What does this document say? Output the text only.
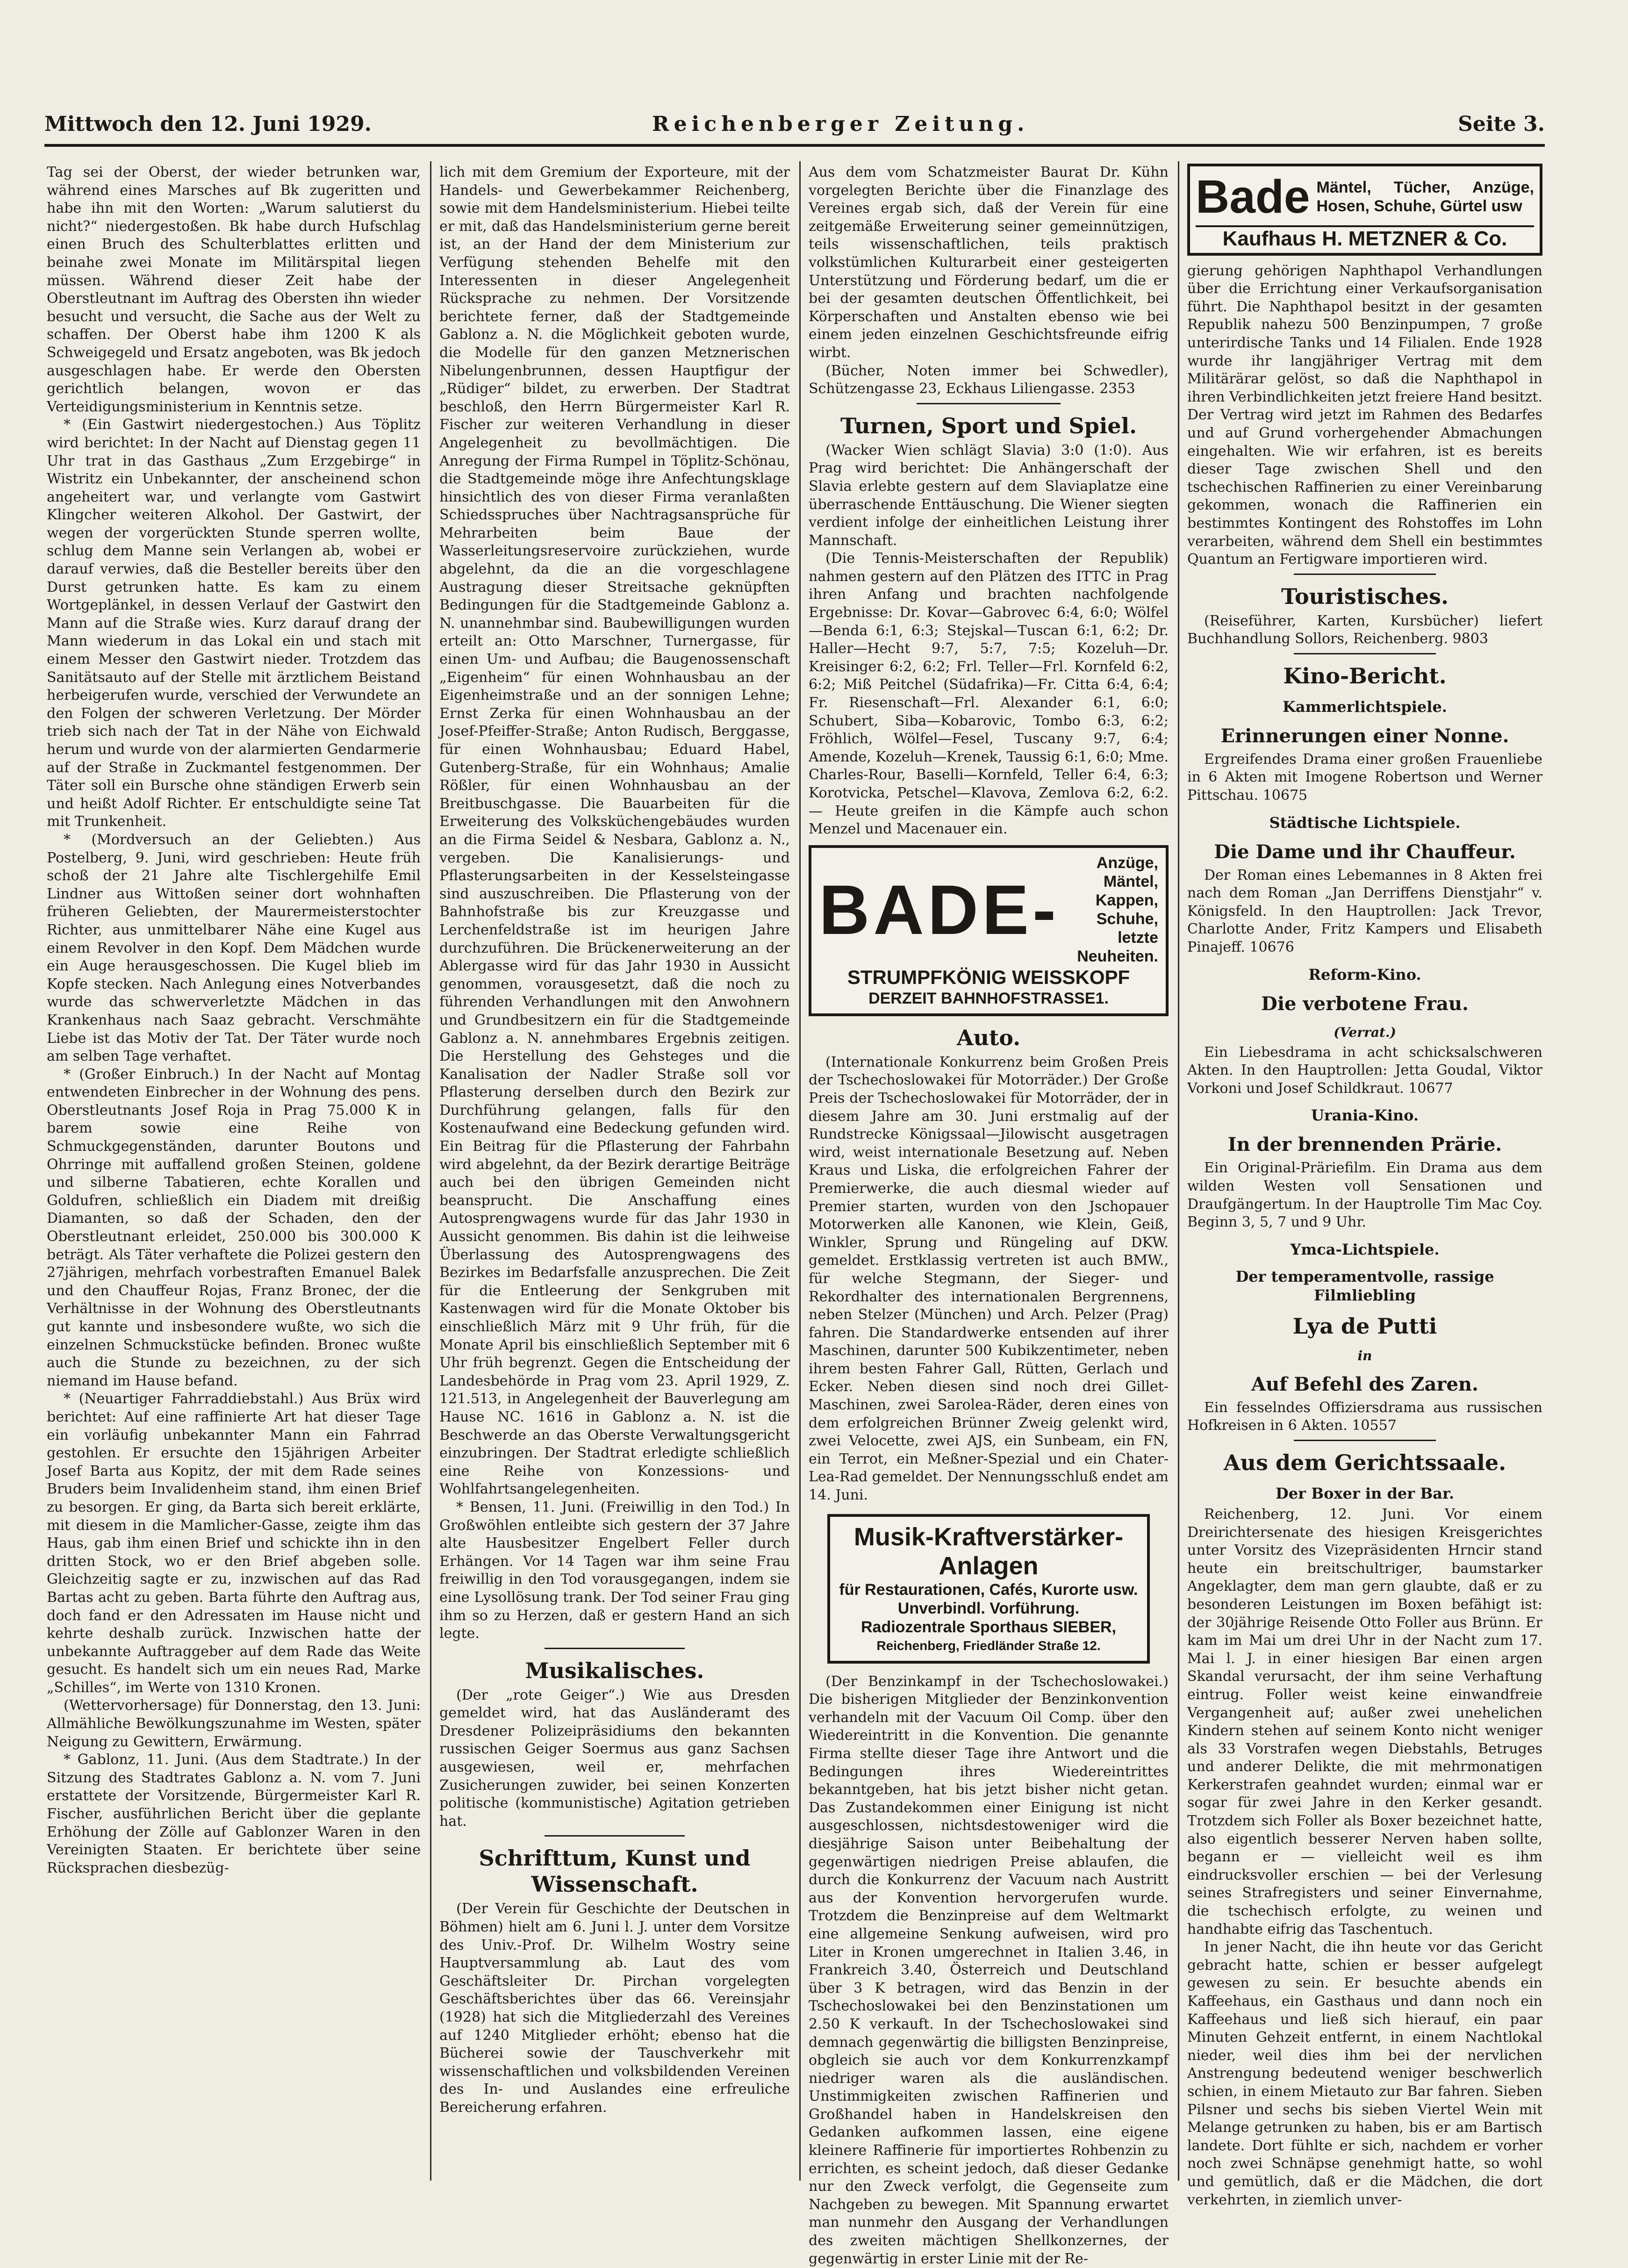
Mittwoch den 12. Juni 1929.	Reichenberger Zeitung.	Seite 3.

Tag sei der Oberst, der wieder betrunken war, während eines Marsches auf Bk zugeritten und habe ihn mit den Worten: „Warum salutierst du nicht?“ niedergestoßen. Bk habe durch Hufschlag einen Bruch des Schulterblattes erlitten und beinahe zwei Monate im Militärspital liegen müssen. Während dieser Zeit habe der Oberstleutnant im Auftrag des Obersten ihn wieder besucht und versucht, die Sache aus der Welt zu schaffen. Der Oberst habe ihm 1200 K als Schweigegeld und Ersatz angeboten, was Bk jedoch ausgeschlagen habe. Er werde den Obersten gerichtlich belangen, wovon er das Verteidigungsministerium in Kenntnis setze.

* (Ein Gastwirt niedergestochen.) Aus Töplitz wird berichtet: In der Nacht auf Dienstag gegen 11 Uhr trat in das Gasthaus „Zum Erzgebirge“ in Wistritz ein Unbekannter, der anscheinend schon angeheitert war, und verlangte vom Gastwirt Klingcher weiteren Alkohol. Der Gastwirt, der wegen der vorgerückten Stunde sperren wollte, schlug dem Manne sein Verlangen ab, wobei er darauf verwies, daß die Besteller bereits über den Durst getrunken hatte. Es kam zu einem Wortgeplänkel, in dessen Verlauf der Gastwirt den Mann auf die Straße wies. Kurz darauf drang der Mann wiederum in das Lokal ein und stach mit einem Messer den Gastwirt nieder. Trotzdem das Sanitätsauto auf der Stelle mit ärztlichem Beistand herbeigerufen wurde, verschied der Verwundete an den Folgen der schweren Verletzung. Der Mörder trieb sich nach der Tat in der Nähe von Eichwald herum und wurde von der alarmierten Gendarmerie auf der Straße in Zuckmantel festgenommen. Der Täter soll ein Bursche ohne ständigen Erwerb sein und heißt Adolf Richter. Er entschuldigte seine Tat mit Trunkenheit.

* (Mordversuch an der Geliebten.) Aus Postelberg, 9. Juni, wird geschrieben: Heute früh schoß der 21 Jahre alte Tischlergehilfe Emil Lindner aus Wittoßen seiner dort wohnhaften früheren Geliebten, der Maurermeisterstochter Richter, aus unmittelbarer Nähe eine Kugel aus einem Revolver in den Kopf. Dem Mädchen wurde ein Auge herausgeschossen. Die Kugel blieb im Kopfe stecken. Nach Anlegung eines Notverbandes wurde das schwerverletzte Mädchen in das Krankenhaus nach Saaz gebracht. Verschmähte Liebe ist das Motiv der Tat. Der Täter wurde noch am selben Tage verhaftet.

* (Großer Einbruch.) In der Nacht auf Montag entwendeten Einbrecher in der Wohnung des pens. Oberstleutnants Josef Roja in Prag 75.000 K in barem sowie eine Reihe von Schmuckgegenständen, darunter Boutons und Ohrringe mit auffallend großen Steinen, goldene und silberne Tabatieren, echte Korallen und Goldufren, schließlich ein Diadem mit dreißig Diamanten, so daß der Schaden, den der Oberstleutnant erleidet, 250.000 bis 300.000 K beträgt. Als Täter verhaftete die Polizei gestern den 27jährigen, mehrfach vorbestraften Emanuel Balek und den Chauffeur Rojas, Franz Bronec, der die Verhältnisse in der Wohnung des Oberstleutnants gut kannte und insbesondere wußte, wo sich die einzelnen Schmuckstücke befinden. Bronec wußte auch die Stunde zu bezeichnen, zu der sich niemand im Hause befand.

* (Neuartiger Fahrraddiebstahl.) Aus Brüx wird berichtet: Auf eine raffinierte Art hat dieser Tage ein vorläufig unbekannter Mann ein Fahrrad gestohlen. Er ersuchte den 15jährigen Arbeiter Josef Barta aus Kopitz, der mit dem Rade seines Bruders beim Invalidenheim stand, ihm einen Brief zu besorgen. Er ging, da Barta sich bereit erklärte, mit diesem in die Mamlicher-Gasse, zeigte ihm das Haus, gab ihm einen Brief und schickte ihn in den dritten Stock, wo er den Brief abgeben solle. Gleichzeitig sagte er zu, inzwischen auf das Rad Bartas acht zu geben. Barta führte den Auftrag aus, doch fand er den Adressaten im Hause nicht und kehrte deshalb zurück. Inzwischen hatte der unbekannte Auftraggeber auf dem Rade das Weite gesucht. Es handelt sich um ein neues Rad, Marke „Schilles“, im Werte von 1310 Kronen.

(Wettervorhersage) für Donnerstag, den 13. Juni: Allmähliche Bewölkungszunahme im Westen, später Neigung zu Gewittern, Erwärmung.

* Gablonz, 11. Juni. (Aus dem Stadtrate.) In der Sitzung des Stadtrates Gablonz a. N. vom 7. Juni erstattete der Vorsitzende, Bürgermeister Karl R. Fischer, ausführlichen Bericht über die geplante Erhöhung der Zölle auf Gablonzer Waren in den Vereinigten Staaten. Er berichtete über seine Rücksprachen diesbezüg-

lich mit dem Gremium der Exporteure, mit der Handels- und Gewerbekammer Reichenberg, sowie mit dem Handelsministerium. Hiebei teilte er mit, daß das Handelsministerium gerne bereit ist, an der Hand der dem Ministerium zur Verfügung stehenden Behelfe mit den Interessenten in dieser Angelegenheit Rücksprache zu nehmen. Der Vorsitzende berichtete ferner, daß der Stadtgemeinde Gablonz a. N. die Möglichkeit geboten wurde, die Modelle für den ganzen Metznerischen Nibelungenbrunnen, dessen Hauptfigur der „Rüdiger“ bildet, zu erwerben. Der Stadtrat beschloß, den Herrn Bürgermeister Karl R. Fischer zur weiteren Verhandlung in dieser Angelegenheit zu bevollmächtigen. Die Anregung der Firma Rumpel in Töplitz-Schönau, die Stadtgemeinde möge ihre Anfechtungsklage hinsichtlich des von dieser Firma veranlaßten Schiedsspruches über Nachtragsansprüche für Mehrarbeiten beim Baue der Wasserleitungsreservoire zurückziehen, wurde abgelehnt, da die an die vorgeschlagene Austragung dieser Streitsache geknüpften Bedingungen für die Stadtgemeinde Gablonz a. N. unannehmbar sind. Baubewilligungen wurden erteilt an: Otto Marschner, Turnergasse, für einen Um- und Aufbau; die Baugenossenschaft „Eigenheim“ für einen Wohnhausbau an der Eigenheimstraße und an der sonnigen Lehne; Ernst Zerka für einen Wohnhausbau an der Josef-Pfeiffer-Straße; Anton Rudisch, Berggasse, für einen Wohnhausbau; Eduard Habel, Gutenberg-Straße, für ein Wohnhaus; Amalie Rößler, für einen Wohnhausbau an der Breitbuschgasse. Die Bauarbeiten für die Erweiterung des Volksküchengebäudes wurden an die Firma Seidel & Nesbara, Gablonz a. N., vergeben. Die Kanalisierungs- und Pflasterungsarbeiten in der Kesselsteingasse sind auszuschreiben. Die Pflasterung von der Bahnhofstraße bis zur Kreuzgasse und Lerchenfeldstraße ist im heurigen Jahre durchzuführen. Die Brückenerweiterung an der Ablergasse wird für das Jahr 1930 in Aussicht genommen, vorausgesetzt, daß die noch zu führenden Verhandlungen mit den Anwohnern und Grundbesitzern ein für die Stadtgemeinde Gablonz a. N. annehmbares Ergebnis zeitigen. Die Herstellung des Gehsteges und die Kanalisation der Nadler Straße soll vor Pflasterung derselben durch den Bezirk zur Durchführung gelangen, falls für den Kostenaufwand eine Bedeckung gefunden wird. Ein Beitrag für die Pflasterung der Fahrbahn wird abgelehnt, da der Bezirk derartige Beiträge auch bei den übrigen Gemeinden nicht beansprucht. Die Anschaffung eines Autosprengwagens wurde für das Jahr 1930 in Aussicht genommen. Bis dahin ist die leihweise Überlassung des Autosprengwagens des Bezirkes im Bedarfsfalle anzusprechen. Die Zeit für die Entleerung der Senkgruben mit Kastenwagen wird für die Monate Oktober bis einschließlich März mit 9 Uhr früh, für die Monate April bis einschließlich September mit 6 Uhr früh begrenzt. Gegen die Entscheidung der Landesbehörde in Prag vom 23. April 1929, Z. 121.513, in Angelegenheit der Bauverlegung am Hause NC. 1616 in Gablonz a. N. ist die Beschwerde an das Oberste Verwaltungsgericht einzubringen. Der Stadtrat erledigte schließlich eine Reihe von Konzessions- und Wohlfahrtsangelegenheiten.

* Bensen, 11. Juni. (Freiwillig in den Tod.) In Großwöhlen entleibte sich gestern der 37 Jahre alte Hausbesitzer Engelbert Feller durch Erhängen. Vor 14 Tagen war ihm seine Frau freiwillig in den Tod vorausgegangen, indem sie eine Lysollösung trank. Der Tod seiner Frau ging ihm so zu Herzen, daß er gestern Hand an sich legte.

Musikalisches.

(Der „rote Geiger“.) Wie aus Dresden gemeldet wird, hat das Ausländeramt des Dresdener Polizeipräsidiums den bekannten russischen Geiger Soermus aus ganz Sachsen ausgewiesen, weil er, mehrfachen Zusicherungen zuwider, bei seinen Konzerten politische (kommunistische) Agitation getrieben hat.

Schrifttum, Kunst und Wissenschaft.

(Der Verein für Geschichte der Deutschen in Böhmen) hielt am 6. Juni l. J. unter dem Vorsitze des Univ.-Prof. Dr. Wilhelm Wostry seine Hauptversammlung ab. Laut des vom Geschäftsleiter Dr. Pirchan vorgelegten Geschäftsberichtes über das 66. Vereinsjahr (1928) hat sich die Mitgliederzahl des Vereines auf 1240 Mitglieder erhöht; ebenso hat die Bücherei sowie der Tauschverkehr mit wissenschaftlichen und volksbildenden Vereinen des In- und Auslandes eine erfreuliche Bereicherung erfahren.

Aus dem vom Schatzmeister Baurat Dr. Kühn vorgelegten Berichte über die Finanzlage des Vereines ergab sich, daß der Verein für eine zeitgemäße Erweiterung seiner gemeinnützigen, teils wissenschaftlichen, teils praktisch volkstümlichen Kulturarbeit einer gesteigerten Unterstützung und Förderung bedarf, um die er bei der gesamten deutschen Öffentlichkeit, bei Körperschaften und Anstalten ebenso wie bei einem jeden einzelnen Geschichtsfreunde eifrig wirbt.

(Bücher, Noten immer bei Schwedler), Schützengasse 23, Eckhaus Liliengasse. 2353

Turnen, Sport und Spiel.

(Wacker Wien schlägt Slavia) 3:0 (1:0). Aus Prag wird berichtet: Die Anhängerschaft der Slavia erlebte gestern auf dem Slaviaplatze eine überraschende Enttäuschung. Die Wiener siegten verdient infolge der einheitlichen Leistung ihrer Mannschaft.

(Die Tennis-Meisterschaften der Republik) nahmen gestern auf den Plätzen des ITTC in Prag ihren Anfang und brachten nachfolgende Ergebnisse: Dr. Kovar—Gabrovec 6:4, 6:0; Wölfel—Benda 6:1, 6:3; Stejskal—Tuscan 6:1, 6:2; Dr. Haller—Hecht 9:7, 5:7, 7:5; Kozeluh—Dr. Kreisinger 6:2, 6:2; Frl. Teller—Frl. Kornfeld 6:2, 6:2; Miß Peitchel (Südafrika)—Fr. Citta 6:4, 6:4; Fr. Riesenschaft—Frl. Alexander 6:1, 6:0; Schubert, Siba—Kobarovic, Tombo 6:3, 6:2; Fröhlich, Wölfel—Fesel, Tuscany 9:7, 6:4; Amende, Kozeluh—Krenek, Taussig 6:1, 6:0; Mme. Charles-Rour, Baselli—Kornfeld, Teller 6:4, 6:3; Korotvicka, Petschel—Klavova, Zemlova 6:2, 6:2. — Heute greifen in die Kämpfe auch schon Menzel und Macenauer ein.

BADE-
Anzüge, Mäntel,
Kappen, Schuhe,
letzte Neuheiten.
STRUMPFKÖNIG WEISSKOPF
DERZEIT BAHNHOFSTRASSE1.
Auto.

(Internationale Konkurrenz beim Großen Preis der Tschechoslowakei für Motorräder.) Der Große Preis der Tschechoslowakei für Motorräder, der in diesem Jahre am 30. Juni erstmalig auf der Rundstrecke Königssaal—Jilowischt ausgetragen wird, weist internationale Besetzung auf. Neben Kraus und Liska, die erfolgreichen Fahrer der Premierwerke, die auch diesmal wieder auf Premier starten, wurden von den Jschopauer Motorwerken alle Kanonen, wie Klein, Geiß, Winkler, Sprung und Rüngeling auf DKW. gemeldet. Erstklassig vertreten ist auch BMW., für welche Stegmann, der Sieger- und Rekordhalter des internationalen Bergrennens, neben Stelzer (München) und Arch. Pelzer (Prag) fahren. Die Standardwerke entsenden auf ihrer Maschinen, darunter 500 Kubikzentimeter, neben ihrem besten Fahrer Gall, Rütten, Gerlach und Ecker. Neben diesen sind noch drei Gillet-Maschinen, zwei Sarolea-Räder, deren eines von dem erfolgreichen Brünner Zweig gelenkt wird, zwei Velocette, zwei AJS, ein Sunbeam, ein FN, ein Terrot, ein Meßner-Spezial und ein Chater-Lea-Rad gemeldet. Der Nennungsschluß endet am 14. Juni.

Musik-Kraftverstärker-
Anlagen
für Restaurationen, Cafés, Kurorte usw. Unverbindl. Vorführung.
Radiozentrale Sporthaus SIEBER,
Reichenberg, Friedländer Straße 12.

(Der Benzinkampf in der Tschechoslowakei.) Die bisherigen Mitglieder der Benzinkonvention verhandeln mit der Vacuum Oil Comp. über den Wiedereintritt in die Konvention. Die genannte Firma stellte dieser Tage ihre Antwort und die Bedingungen ihres Wiedereintrittes bekanntgeben, hat bis jetzt bisher nicht getan. Das Zustandekommen einer Einigung ist nicht ausgeschlossen, nichtsdestoweniger wird die diesjährige Saison unter Beibehaltung der gegenwärtigen niedrigen Preise ablaufen, die durch die Konkurrenz der Vacuum nach Austritt aus der Konvention hervorgerufen wurde. Trotzdem die Benzinpreise auf dem Weltmarkt eine allgemeine Senkung aufweisen, wird pro Liter in Kronen umgerechnet in Italien 3.46, in Frankreich 3.40, Österreich und Deutschland über 3 K betragen, wird das Benzin in der Tschechoslowakei bei den Benzinstationen um 2.50 K verkauft. In der Tschechoslowakei sind demnach gegenwärtig die billigsten Benzinpreise, obgleich sie auch vor dem Konkurrenzkampf niedriger waren als die ausländischen. Unstimmigkeiten zwischen Raffinerien und Großhandel haben in Handelskreisen den Gedanken aufkommen lassen, eine eigene kleinere Raffinerie für importiertes Rohbenzin zu errichten, es scheint jedoch, daß dieser Gedanke nur den Zweck verfolgt, die Gegenseite zum Nachgeben zu bewegen. Mit Spannung erwartet man nunmehr den Ausgang der Verhandlungen des zweiten mächtigen Shellkonzernes, der gegenwärtig in erster Linie mit der Re-

Bade Mäntel, Tücher, Anzüge, Hosen, Schuhe, Gürtel usw
Kaufhaus H. METZNER & Co.

gierung gehörigen Naphthapol Verhandlungen über die Errichtung einer Verkaufsorganisation führt. Die Naphthapol besitzt in der gesamten Republik nahezu 500 Benzinpumpen, 7 große unterirdische Tanks und 14 Filialen. Ende 1928 wurde ihr langjähriger Vertrag mit dem Militärärar gelöst, so daß die Naphthapol in ihren Verbindlichkeiten jetzt freiere Hand besitzt. Der Vertrag wird jetzt im Rahmen des Bedarfes und auf Grund vorhergehender Abmachungen eingehalten. Wie wir erfahren, ist es bereits dieser Tage zwischen Shell und den tschechischen Raffinerien zu einer Vereinbarung gekommen, wonach die Raffinerien ein bestimmtes Kontingent des Rohstoffes im Lohn verarbeiten, während dem Shell ein bestimmtes Quantum an Fertigware importieren wird.

Touristisches.

(Reiseführer, Karten, Kursbücher) liefert Buchhandlung Sollors, Reichenberg. 9803

Kino-Bericht.
Kammerlichtspiele.
Erinnerungen einer Nonne.

Ergreifendes Drama einer großen Frauenliebe in 6 Akten mit Imogene Robertson und Werner Pittschau. 10675

Städtische Lichtspiele.
Die Dame und ihr Chauffeur.

Der Roman eines Lebemannes in 8 Akten frei nach dem Roman „Jan Derriffens Dienstjahr“ v. Königsfeld. In den Hauptrollen: Jack Trevor, Charlotte Ander, Fritz Kampers und Elisabeth Pinajeff. 10676

Reform-Kino.
Die verbotene Frau.
(Verrat.)

Ein Liebesdrama in acht schicksalschweren Akten. In den Hauptrollen: Jetta Goudal, Viktor Vorkoni und Josef Schildkraut. 10677

Urania-Kino.
In der brennenden Prärie.

Ein Original-Präriefilm. Ein Drama aus dem wilden Westen voll Sensationen und Draufgängertum. In der Hauptrolle Tim Mac Coy. Beginn 3, 5, 7 und 9 Uhr.

Ymca-Lichtspiele.
Der temperamentvolle, rassige Filmliebling
Lya de Putti
in
Auf Befehl des Zaren.

Ein fesselndes Offiziersdrama aus russischen Hofkreisen in 6 Akten. 10557

Aus dem Gerichtssaale.
Der Boxer in der Bar.

Reichenberg, 12. Juni. Vor einem Dreirichtersenate des hiesigen Kreisgerichtes unter Vorsitz des Vizepräsidenten Hrncir stand heute ein breitschultriger, baumstarker Angeklagter, dem man gern glaubte, daß er zu besonderen Leistungen im Boxen befähigt ist: der 30jährige Reisende Otto Foller aus Brünn. Er kam im Mai um drei Uhr in der Nacht zum 17. Mai l. J. in einer hiesigen Bar einen argen Skandal verursacht, der ihm seine Verhaftung eintrug. Foller weist keine einwandfreie Vergangenheit auf; außer zwei unehelichen Kindern stehen auf seinem Konto nicht weniger als 33 Vorstrafen wegen Diebstahls, Betruges und anderer Delikte, die mit mehrmonatigen Kerkerstrafen geahndet wurden; einmal war er sogar für zwei Jahre in den Kerker gesandt. Trotzdem sich Foller als Boxer bezeichnet hatte, also eigentlich besserer Nerven haben sollte, begann er — vielleicht weil es ihm eindrucksvoller erschien — bei der Verlesung seines Strafregisters und seiner Einvernahme, die tschechisch erfolgte, zu weinen und handhabte eifrig das Taschentuch.

In jener Nacht, die ihn heute vor das Gericht gebracht hatte, schien er besser aufgelegt gewesen zu sein. Er besuchte abends ein Kaffeehaus, ein Gasthaus und dann noch ein Kaffeehaus und ließ sich hierauf, ein paar Minuten Gehzeit entfernt, in einem Nachtlokal nieder, weil dies ihm bei der nervlichen Anstrengung bedeutend weniger beschwerlich schien, in einem Mietauto zur Bar fahren. Sieben Pilsner und sechs bis sieben Viertel Wein mit Melange getrunken zu haben, bis er am Bartisch landete. Dort fühlte er sich, nachdem er vorher noch zwei Schnäpse genehmigt hatte, so wohl und gemütlich, daß er die Mädchen, die dort verkehrten, in ziemlich unver-
